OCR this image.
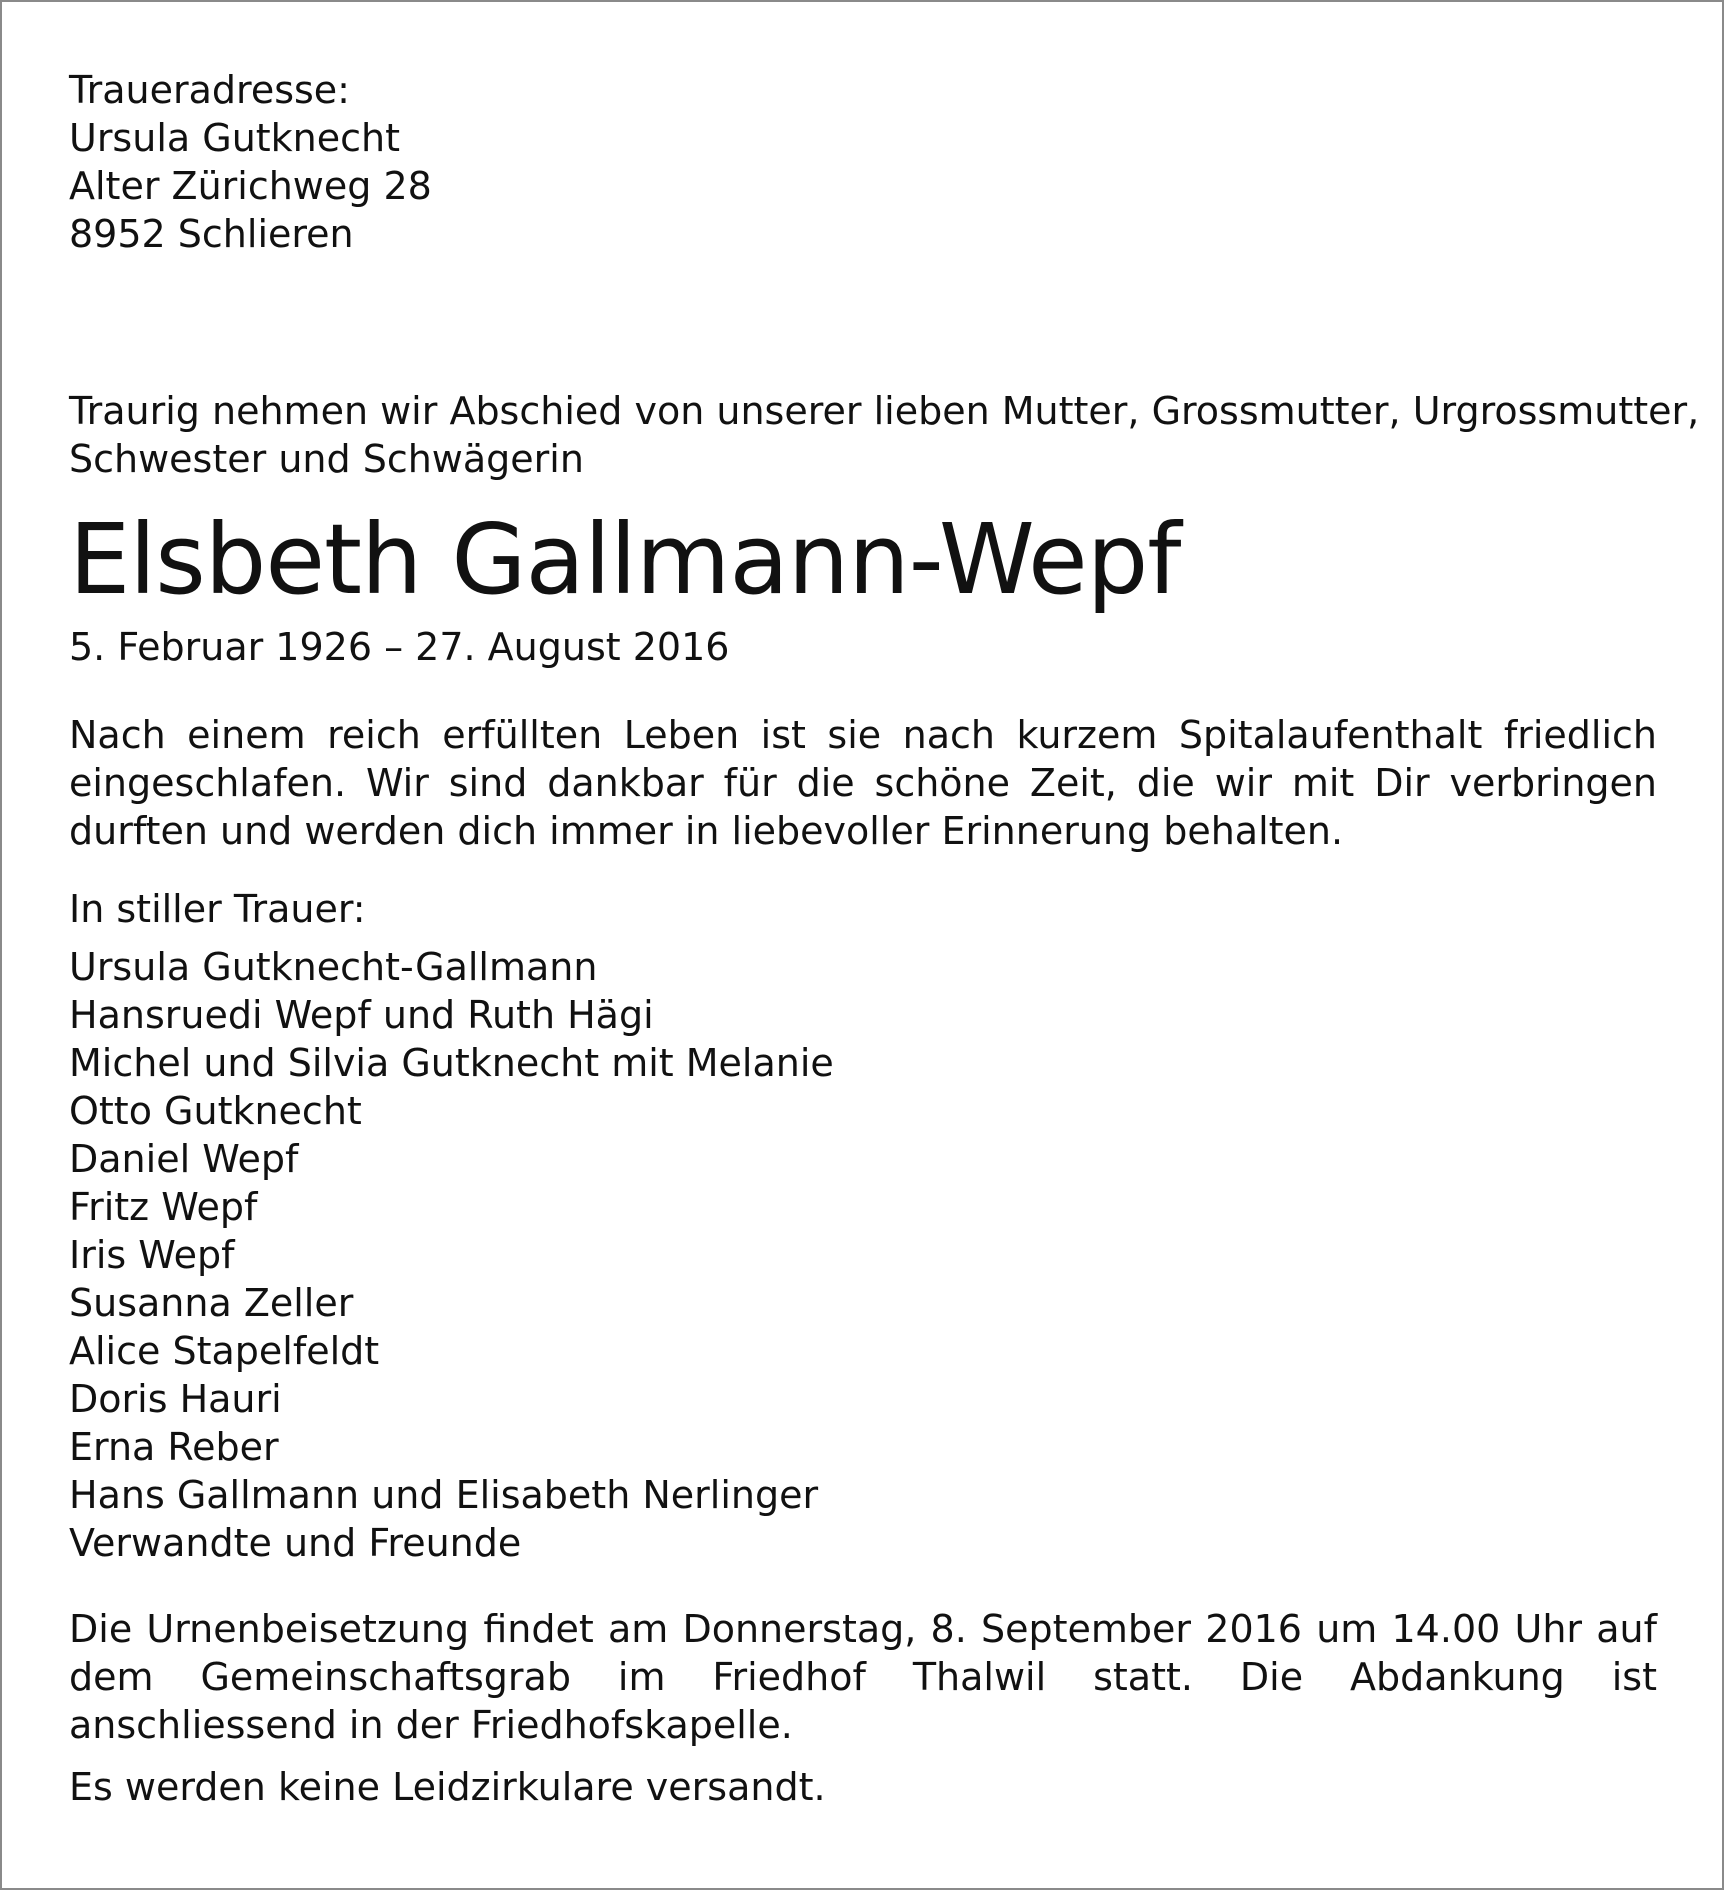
Traueradresse:
Ursula Gutknecht
Alter Zürichweg 28
8952 Schlieren
Traurig nehmen wir Abschied von unserer lieben Mutter, Grossmutter, Urgrossmutter,
Schwester und Schwägerin
Elsbeth Gallmann-Wepf
5. Februar 1926 – 27. August 2016
Nach einem reich erfüllten Leben ist sie nach kurzem Spitalaufenthalt friedlich eingeschlafen. Wir sind dankbar für die schöne Zeit, die wir mit Dir verbringen durften und werden dich immer in liebevoller Erinnerung behalten.
In stiller Trauer:
Ursula Gutknecht-Gallmann
Hansruedi Wepf und Ruth Hägi
Michel und Silvia Gutknecht mit Melanie
Otto Gutknecht
Daniel Wepf
Fritz Wepf
Iris Wepf
Susanna Zeller
Alice Stapelfeldt
Doris Hauri
Erna Reber
Hans Gallmann und Elisabeth Nerlinger
Verwandte und Freunde
Die Urnenbeisetzung findet am Donnerstag, 8. September 2016 um 14.00 Uhr auf dem Gemeinschaftsgrab im Friedhof Thalwil statt. Die Abdankung ist anschliessend in der Friedhofskapelle.
Es werden keine Leidzirkulare versandt.
